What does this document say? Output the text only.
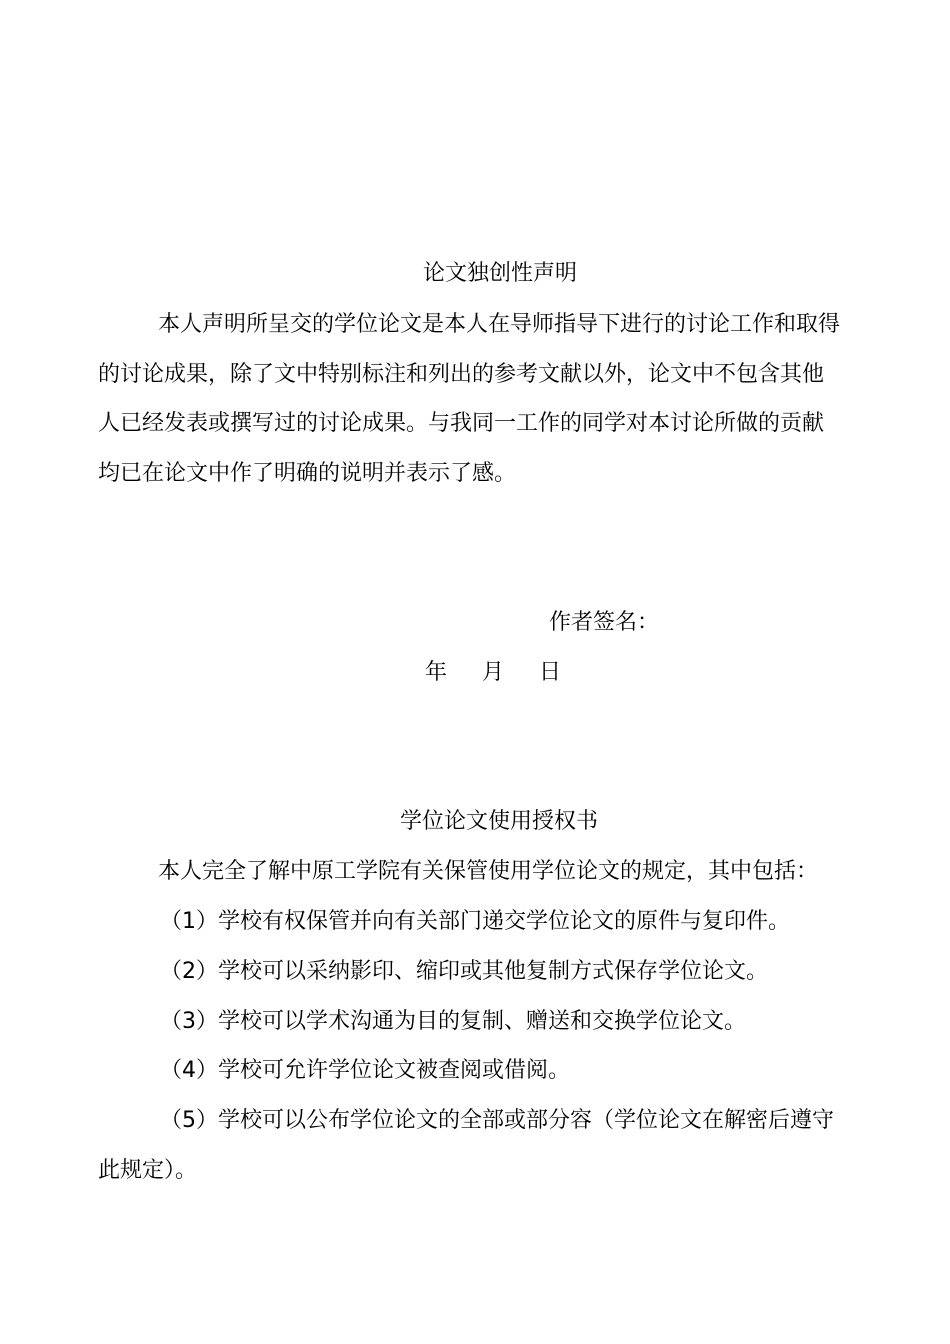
论文独创性声明
本人声明所呈交的学位论文是本人在导师指导下进行的讨论工作和取得
的讨论成果，除了文中特别标注和列出的参考文献以外，论文中不包含其他
人已经发表或撰写过的讨论成果。与我同一工作的同学对本讨论所做的贡献
均已在论文中作了明确的说明并表示了感。
作者签名：
年 月 日
学位论文使用授权书
本人完全了解中原工学院有关保管使用学位论文的规定，其中包括：
（1）学校有权保管并向有关部门递交学位论文的原件与复印件。
（2）学校可以采纳影印、缩印或其他复制方式保存学位论文。
（3）学校可以学术沟通为目的复制、赠送和交换学位论文。
（4）学校可允许学位论文被查阅或借阅。
（5）学校可以公布学位论文的全部或部分容（学位论文在解密后遵守
此规定）。
